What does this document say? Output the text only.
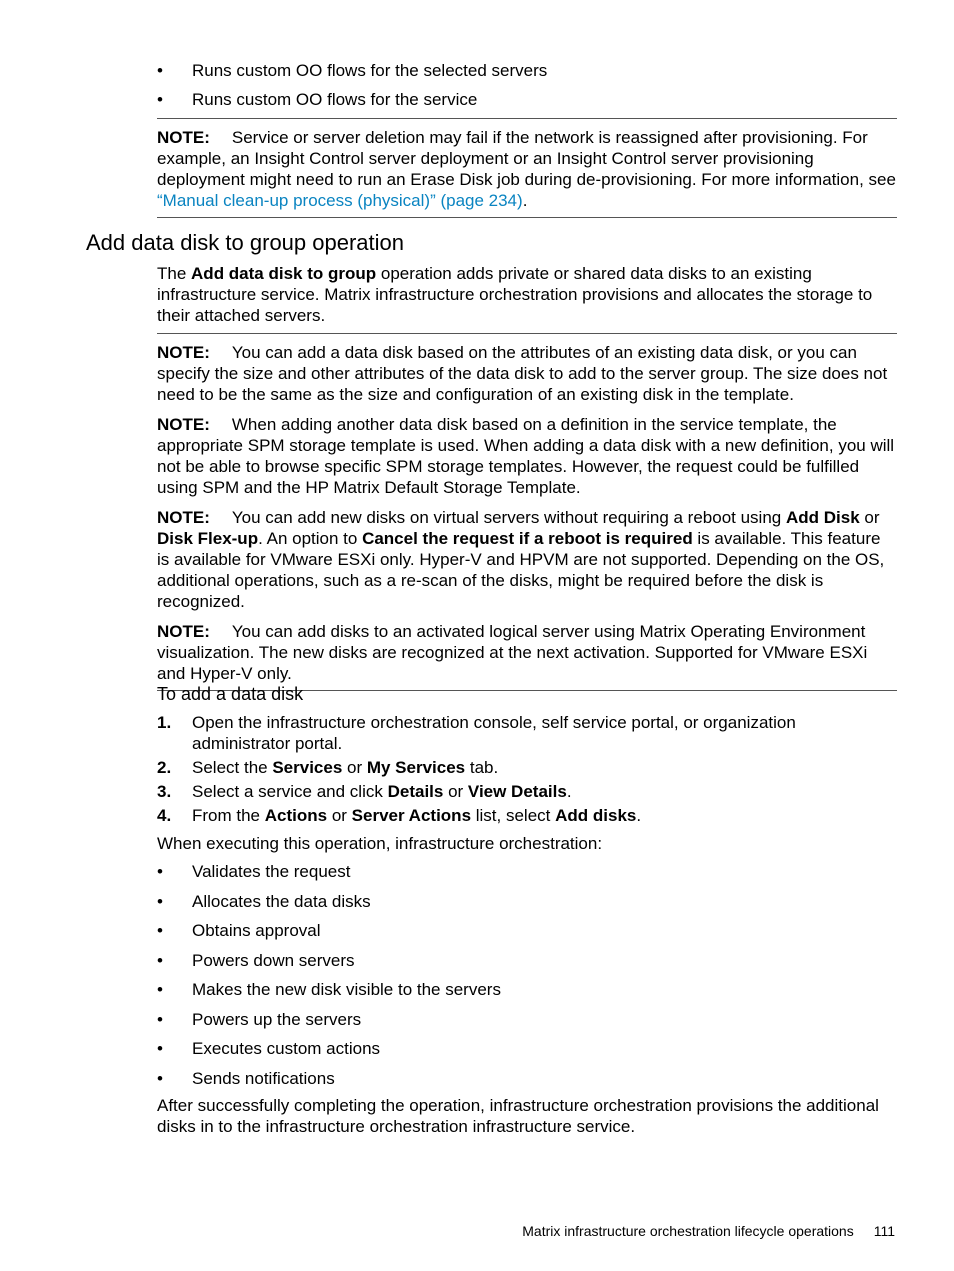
• Runs custom OO flows for the selected servers
• Runs custom OO flows for the service

NOTE: Service or server deletion may fail if the network is reassigned after provisioning. For example, an Insight Control server deployment or an Insight Control server provisioning deployment might need to run an Erase Disk job during de-provisioning. For more information, see “Manual clean-up process (physical)” (page 234).

Add data disk to group operation

The Add data disk to group operation adds private or shared data disks to an existing infrastructure service. Matrix infrastructure orchestration provisions and allocates the storage to their attached servers.

NOTE: You can add a data disk based on the attributes of an existing data disk, or you can specify the size and other attributes of the data disk to add to the server group. The size does not need to be the same as the size and configuration of an existing disk in the template.

NOTE: When adding another data disk based on a definition in the service template, the appropriate SPM storage template is used. When adding a data disk with a new definition, you will not be able to browse specific SPM storage templates. However, the request could be fulfilled using SPM and the HP Matrix Default Storage Template.

NOTE: You can add new disks on virtual servers without requiring a reboot using Add Disk or Disk Flex-up. An option to Cancel the request if a reboot is required is available. This feature is available for VMware ESXi only. Hyper-V and HPVM are not supported. Depending on the OS, additional operations, such as a re-scan of the disks, might be required before the disk is recognized.

NOTE: You can add disks to an activated logical server using Matrix Operating Environment visualization. The new disks are recognized at the next activation. Supported for VMware ESXi and Hyper-V only.

To add a data disk
1. Open the infrastructure orchestration console, self service portal, or organization administrator portal.
2. Select the Services or My Services tab.
3. Select a service and click Details or View Details.
4. From the Actions or Server Actions list, select Add disks.
When executing this operation, infrastructure orchestration:
• Validates the request
• Allocates the data disks
• Obtains approval
• Powers down servers
• Makes the new disk visible to the servers
• Powers up the servers
• Executes custom actions
• Sends notifications
After successfully completing the operation, infrastructure orchestration provisions the additional disks in to the infrastructure orchestration infrastructure service.
Matrix infrastructure orchestration lifecycle operations 111
